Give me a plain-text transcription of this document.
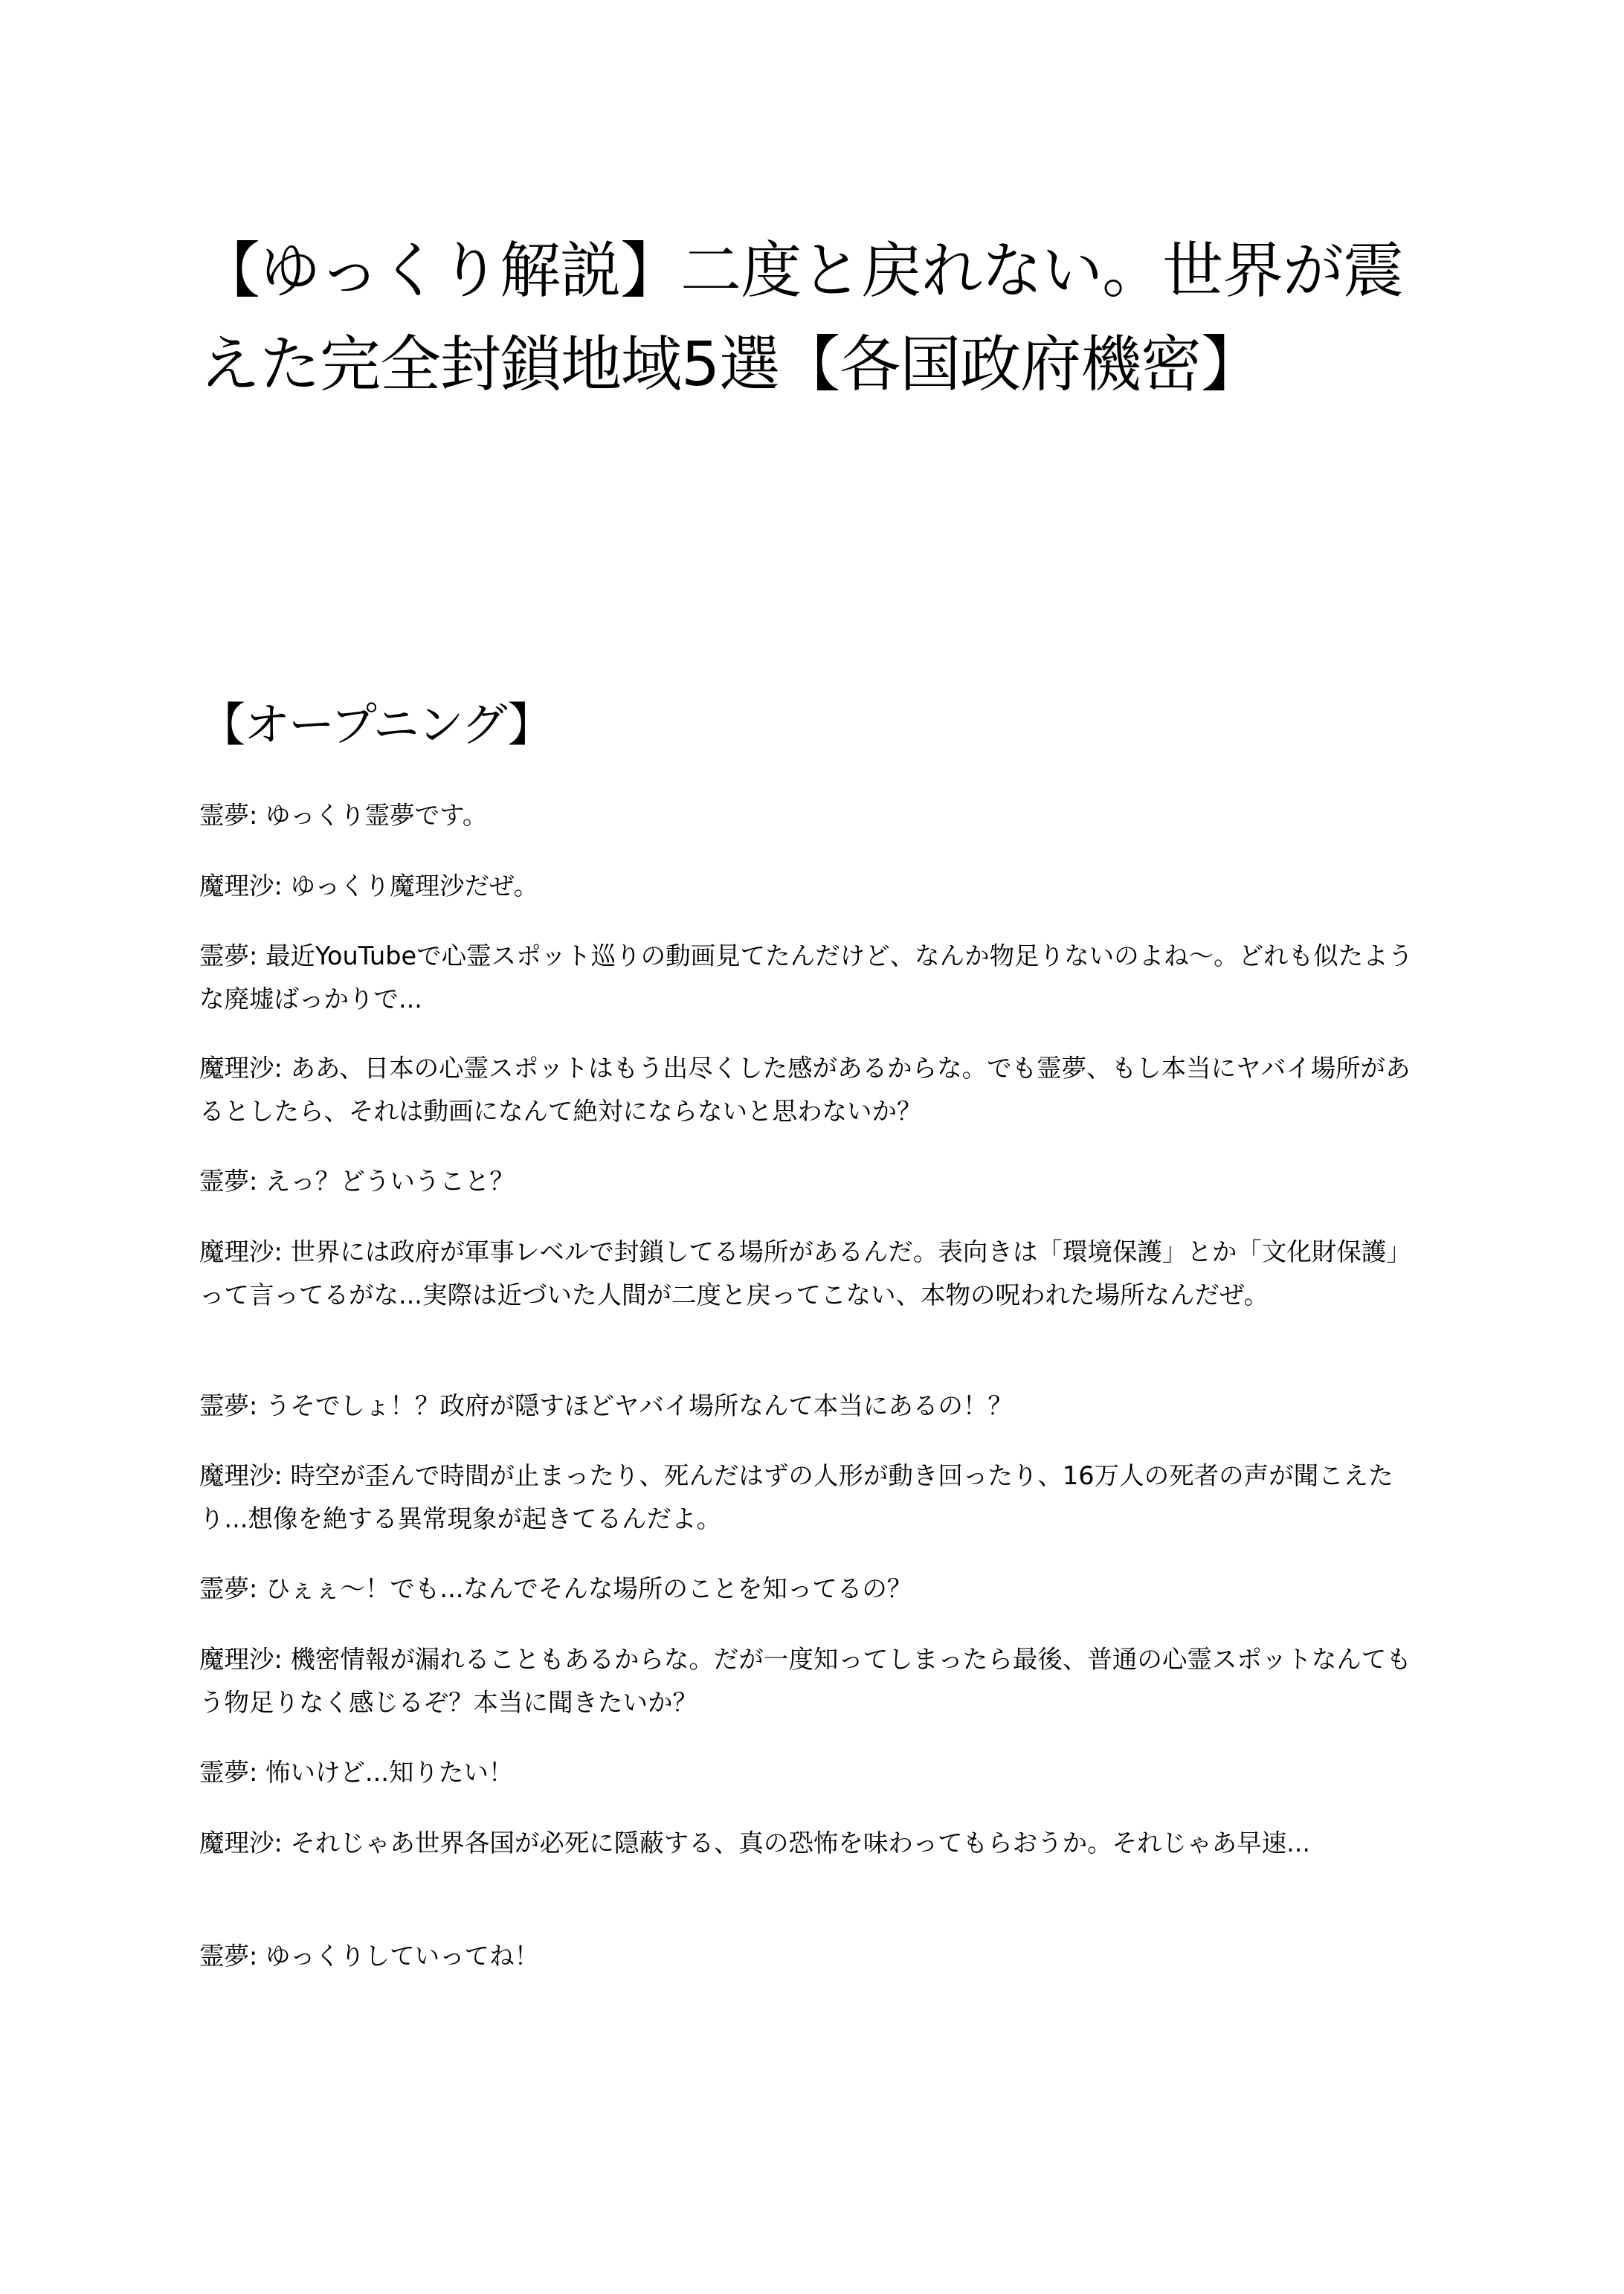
【ゆっくり解説】二度と戻れない。世界が震えた完全封鎖地域5選【各国政府機密】
【オープニング】

霊夢: ゆっくり霊夢です。

魔理沙: ゆっくり魔理沙だぜ。

霊夢: 最近YouTubeで心霊スポット巡りの動画見てたんだけど、なんか物足りないのよね〜。どれも似たような廃墟ばっかりで...

魔理沙: ああ、日本の心霊スポットはもう出尽くした感があるからな。でも霊夢、もし本当にヤバイ場所があるとしたら、それは動画になんて絶対にならないと思わないか？

霊夢: えっ？どういうこと？

魔理沙: 世界には政府が軍事レベルで封鎖してる場所があるんだ。表向きは「環境保護」とか「文化財保護」って言ってるがな...実際は近づいた人間が二度と戻ってこない、本物の呪われた場所なんだぜ。

霊夢: うそでしょ！？政府が隠すほどヤバイ場所なんて本当にあるの！？

魔理沙: 時空が歪んで時間が止まったり、死んだはずの人形が動き回ったり、16万人の死者の声が聞こえたり...想像を絶する異常現象が起きてるんだよ。

霊夢: ひぇぇ〜！でも...なんでそんな場所のことを知ってるの？

魔理沙: 機密情報が漏れることもあるからな。だが一度知ってしまったら最後、普通の心霊スポットなんてもう物足りなく感じるぞ？本当に聞きたいか？

霊夢: 怖いけど...知りたい！

魔理沙: それじゃあ世界各国が必死に隠蔽する、真の恐怖を味わってもらおうか。それじゃあ早速...

霊夢: ゆっくりしていってね！
